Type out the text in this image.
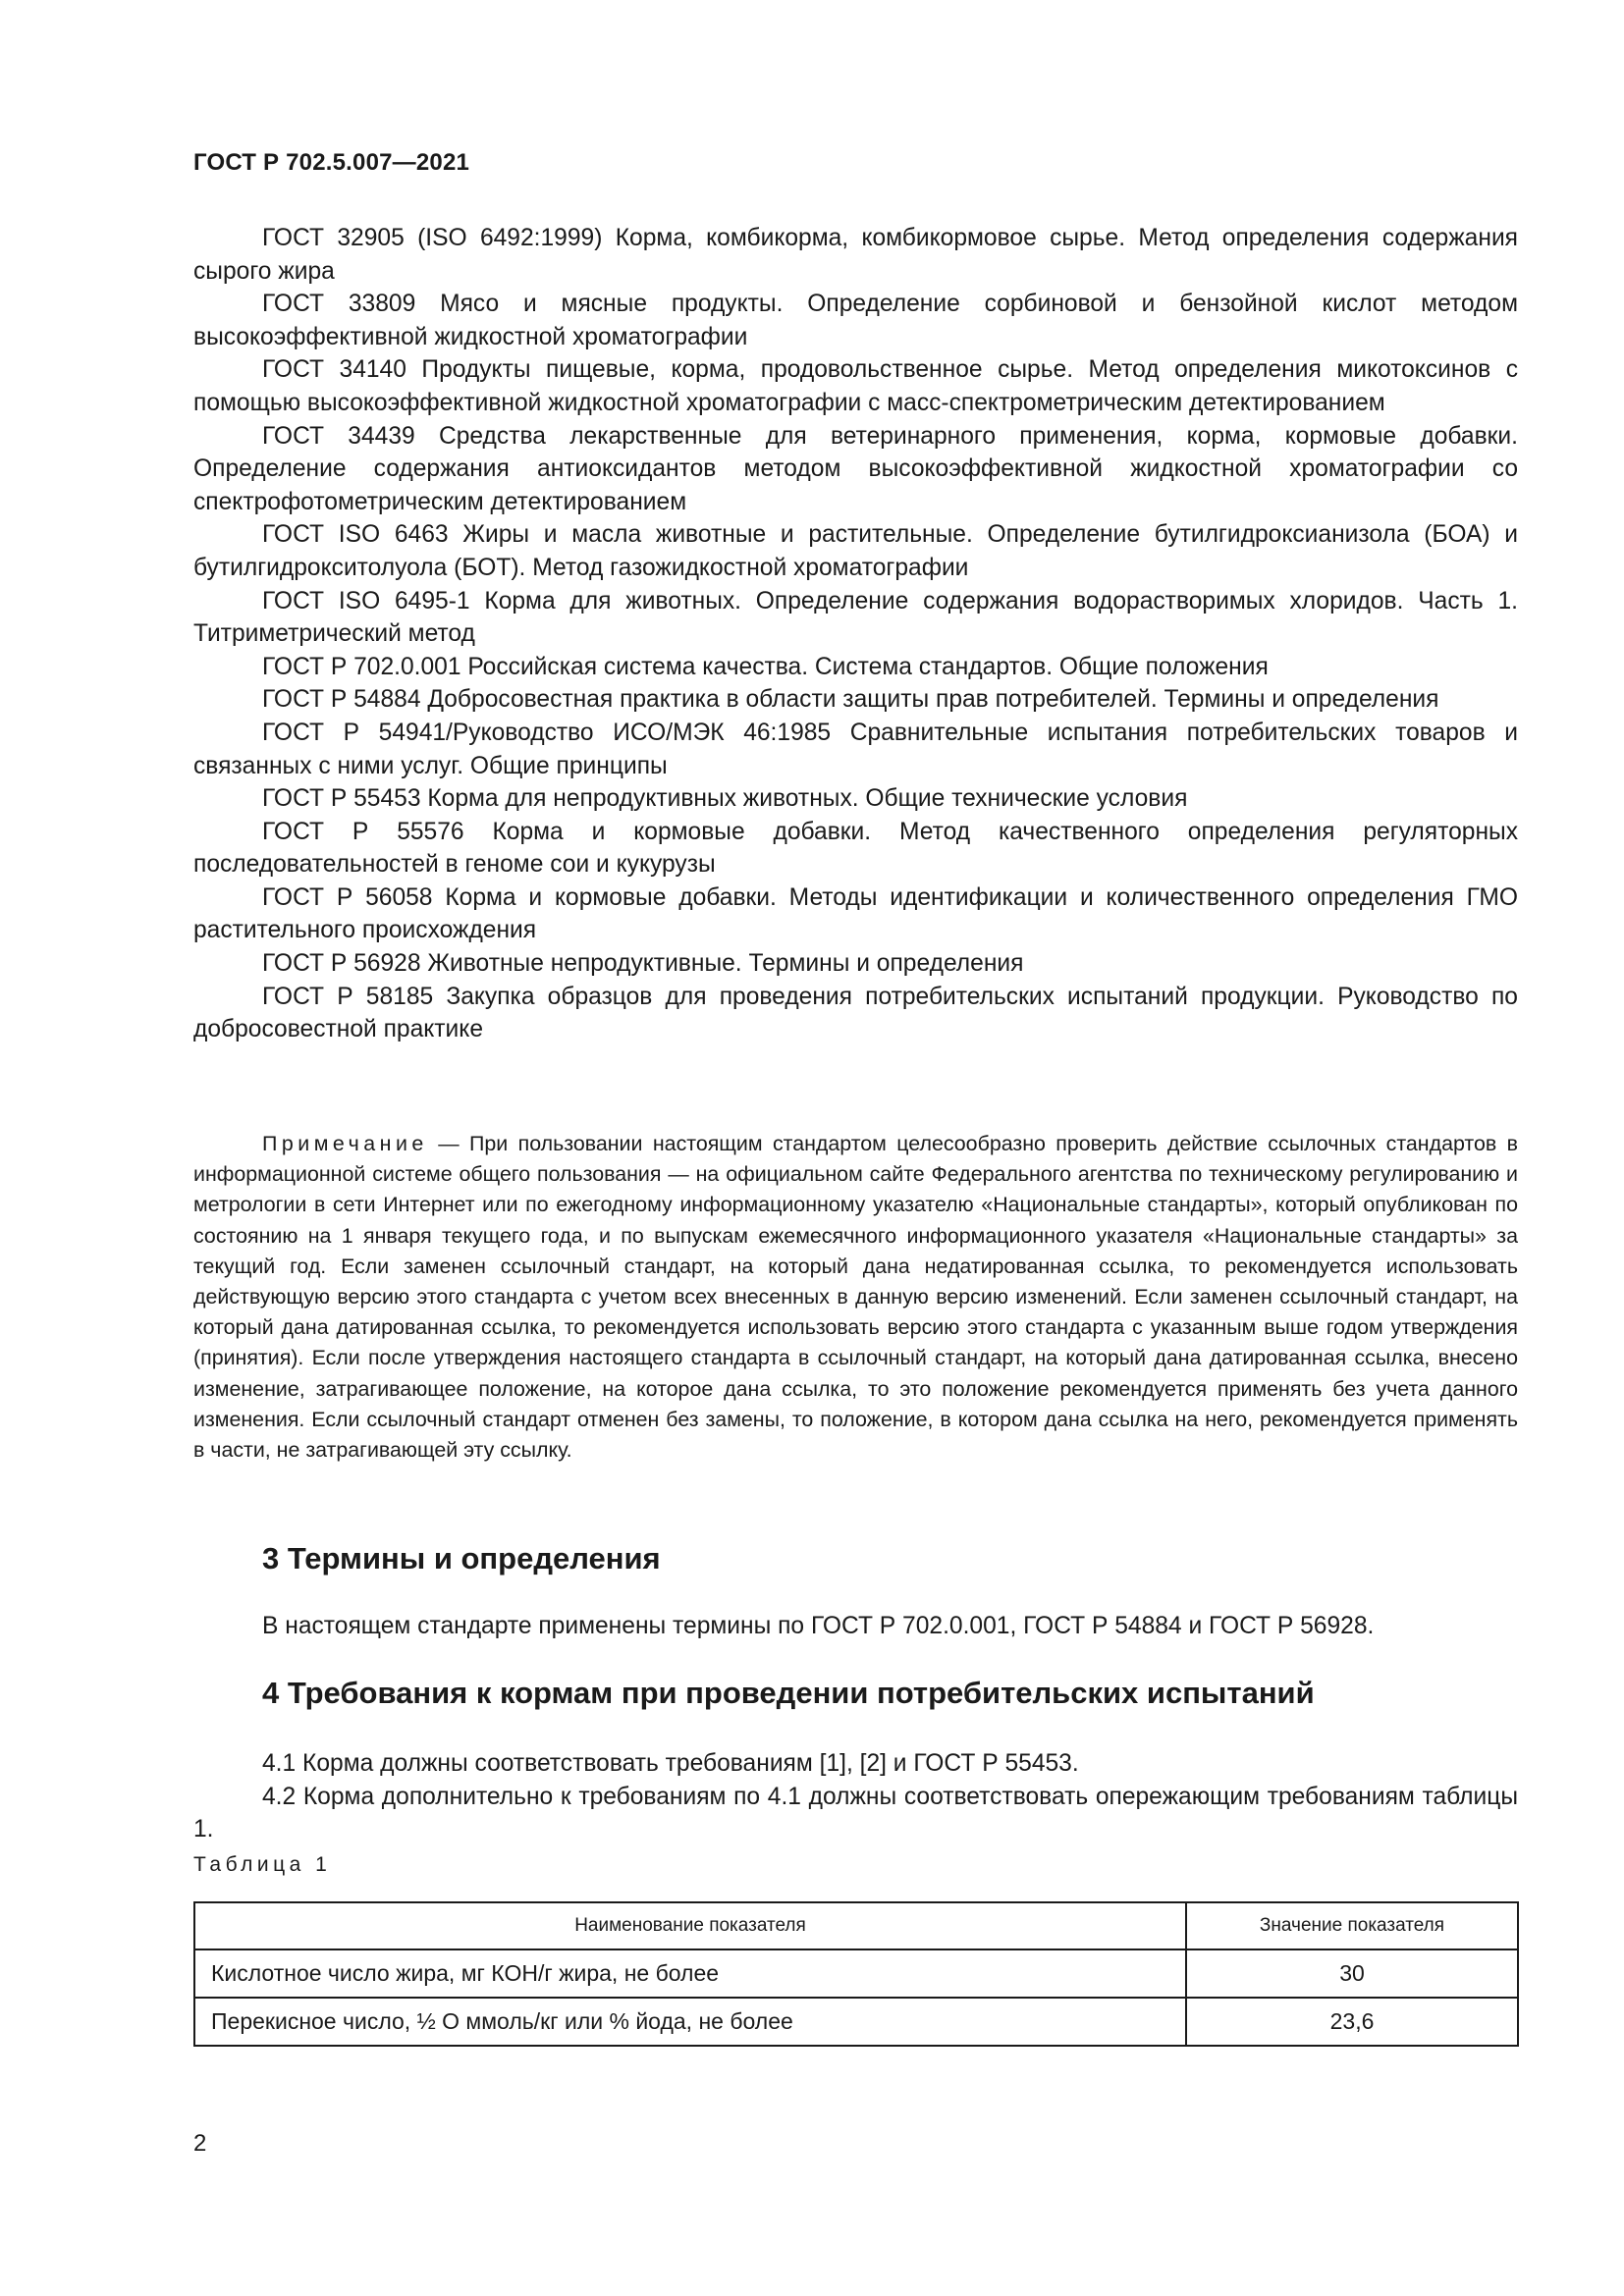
ГОСТ Р 702.5.007—2021

ГОСТ 32905 (ISO 6492:1999) Корма, комбикорма, комбикормовое сырье. Метод определения содержания сырого жира

ГОСТ 33809 Мясо и мясные продукты. Определение сорбиновой и бензойной кислот методом высокоэффективной жидкостной хроматографии

ГОСТ 34140 Продукты пищевые, корма, продовольственное сырье. Метод определения микотоксинов с помощью высокоэффективной жидкостной хроматографии с масс-спектрометрическим детектированием

ГОСТ 34439 Средства лекарственные для ветеринарного применения, корма, кормовые добавки. Определение содержания антиоксидантов методом высокоэффективной жидкостной хроматографии со спектрофотометрическим детектированием

ГОСТ ISO 6463 Жиры и масла животные и растительные. Определение бутилгидроксианизола (БОА) и бутилгидрокситолуола (БОТ). Метод газожидкостной хроматографии

ГОСТ ISO 6495-1 Корма для животных. Определение содержания водорастворимых хлоридов. Часть 1. Титриметрический метод

ГОСТ Р 702.0.001 Российская система качества. Система стандартов. Общие положения

ГОСТ Р 54884 Добросовестная практика в области защиты прав потребителей. Термины и определения

ГОСТ Р 54941/Руководство ИСО/МЭК 46:1985 Сравнительные испытания потребительских товаров и связанных с ними услуг. Общие принципы

ГОСТ Р 55453 Корма для непродуктивных животных. Общие технические условия

ГОСТ Р 55576 Корма и кормовые добавки. Метод качественного определения регуляторных последовательностей в геноме сои и кукурузы

ГОСТ Р 56058 Корма и кормовые добавки. Методы идентификации и количественного определения ГМО растительного происхождения

ГОСТ Р 56928 Животные непродуктивные. Термины и определения

ГОСТ Р 58185 Закупка образцов для проведения потребительских испытаний продукции. Руководство по добросовестной практике

Примечание — При пользовании настоящим стандартом целесообразно проверить действие ссылочных стандартов в информационной системе общего пользования — на официальном сайте Федерального агентства по техническому регулированию и метрологии в сети Интернет или по ежегодному информационному указателю «Национальные стандарты», который опубликован по состоянию на 1 января текущего года, и по выпускам ежемесячного информационного указателя «Национальные стандарты» за текущий год. Если заменен ссылочный стандарт, на который дана недатированная ссылка, то рекомендуется использовать действующую версию этого стандарта с учетом всех внесенных в данную версию изменений. Если заменен ссылочный стандарт, на который дана датированная ссылка, то рекомендуется использовать версию этого стандарта с указанным выше годом утверждения (принятия). Если после утверждения настоящего стандарта в ссылочный стандарт, на который дана датированная ссылка, внесено изменение, затрагивающее положение, на которое дана ссылка, то это положение рекомендуется применять без учета данного изменения. Если ссылочный стандарт отменен без замены, то положение, в котором дана ссылка на него, рекомендуется применять в части, не затрагивающей эту ссылку.

3 Термины и определения
В настоящем стандарте применены термины по ГОСТ Р 702.0.001, ГОСТ Р 54884 и ГОСТ Р 56928.
4 Требования к кормам при проведении потребительских испытаний

4.1 Корма должны соответствовать требованиям [1], [2] и ГОСТ Р 55453.

4.2 Корма дополнительно к требованиям по 4.1 должны соответствовать опережающим требованиям таблицы 1.

Таблица 1
Наименование показателя	Значение показателя
Кислотное число жира, мг КОН/г жира, не более	30
Перекисное число, ½ О ммоль/кг или % йода, не более	23,6
2
